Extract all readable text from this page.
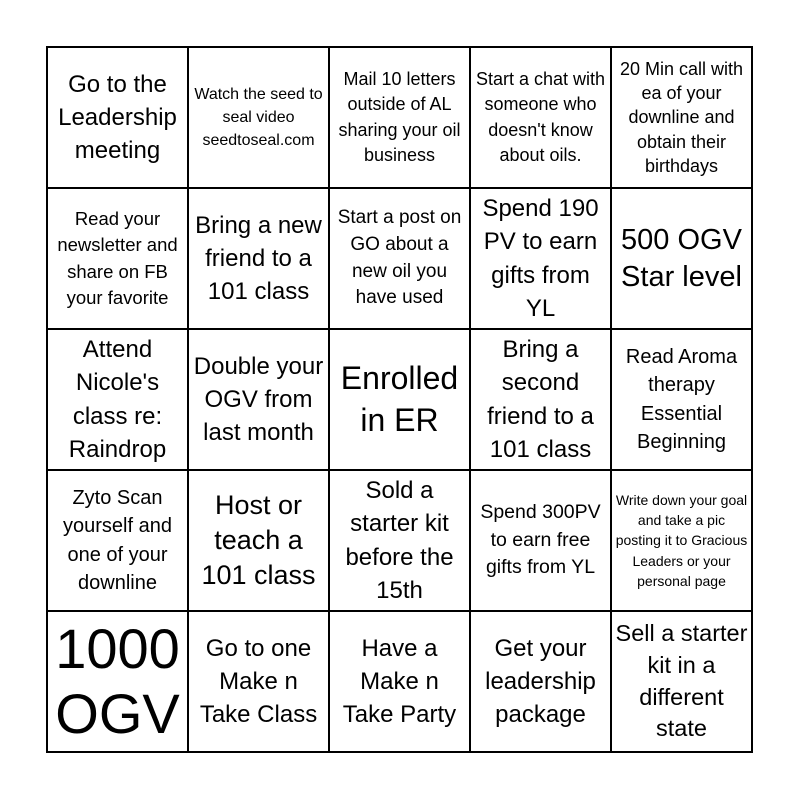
Go to the Leadership meeting
Watch the seed to seal video seedtoseal.com
Mail 10 letters outside of AL sharing your oil business
Start a chat with someone who doesn't know about oils.
20 Min call with ea of your downline and obtain their birthdays
Read your newsletter and share on FB your favorite
Bring a new friend to a 101 class
Start a post on GO about a new oil you have used
Spend 190 PV to earn gifts from YL
500 OGV Star level
Attend Nicole's class re: Raindrop
Double your OGV from last month
Enrolled in ER
Bring a second friend to a 101 class
Read Aroma therapy Essential Beginning
Zyto Scan yourself and one of your downline
Host or teach a 101 class
Sold a starter kit before the 15th
Spend 300PV to earn free gifts from YL
Write down your goal and take a pic posting it to Gracious Leaders or your personal page
1000 OGV
Go to one Make n Take Class
Have a Make n Take Party
Get your leadership package
Sell a starter kit in a different state
